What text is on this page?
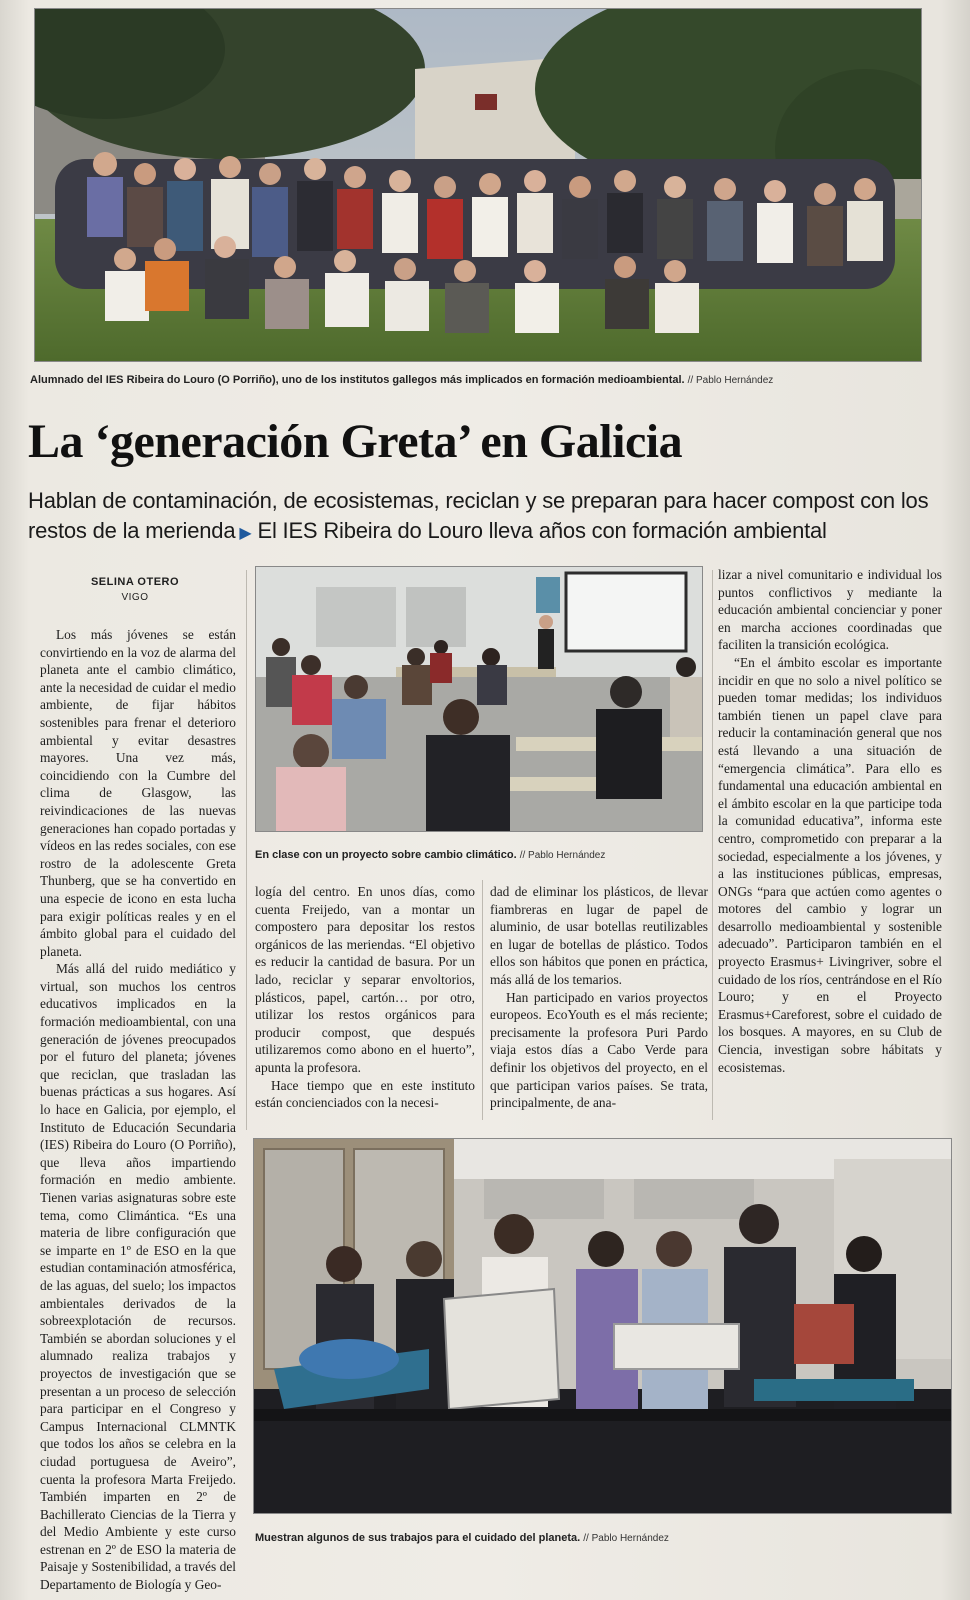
Alumnado del IES Ribeira do Louro (O Porriño), uno de los institutos gallegos más implicados en formación medioambiental. // Pablo Hernández
La ‘generación Greta’ en Galicia
Hablan de contaminación, de ecosistemas, reciclan y se preparan para hacer compost con los restos de la merienda ▶ El IES Ribeira do Louro lleva años con formación ambiental
SELINA OTERO
VIGO

Los más jóvenes se están convirtiendo en la voz de alarma del planeta ante el cambio climático, ante la necesidad de cuidar el medio ambiente, de fijar hábitos sostenibles para frenar el deterioro ambiental y evitar desastres mayores. Una vez más, coincidiendo con la Cumbre del clima de Glasgow, las reivindicaciones de las nuevas generaciones han copado portadas y vídeos en las redes sociales, con ese rostro de la adolescente Greta Thunberg, que se ha convertido en una especie de icono en esta lucha para exigir políticas reales y en el ámbito global para el cuidado del planeta.

Más allá del ruido mediático y virtual, son muchos los centros educativos implicados en la formación medioambiental, con una generación de jóvenes preocupados por el futuro del planeta; jóvenes que reciclan, que trasladan las buenas prácticas a sus hogares. Así lo hace en Galicia, por ejemplo, el Instituto de Educación Secundaria (IES) Ribeira do Louro (O Porriño), que lleva años impartiendo formación en medio ambiente. Tienen varias asignaturas sobre este tema, como Climántica. “Es una materia de libre configuración que se imparte en 1º de ESO en la que estudian contaminación atmosférica, de las aguas, del suelo; los impactos ambientales derivados de la sobreexplotación de recursos. También se abordan soluciones y el alumnado realiza trabajos y proyectos de investigación que se presentan a un proceso de selección para participar en el Congreso y Campus Internacional CLMNTK que todos los años se celebra en la ciudad portuguesa de Aveiro”, cuenta la profesora Marta Freijedo. También imparten en 2º de Bachillerato Ciencias de la Tierra y del Medio Ambiente y este curso estrenan en 2º de ESO la materia de Paisaje y Sostenibilidad, a través del Departamento de Biología y Geo-

En clase con un proyecto sobre cambio climático. // Pablo Hernández

logía del centro. En unos días, como cuenta Freijedo, van a montar un compostero para depositar los restos orgánicos de las meriendas. “El objetivo es reducir la cantidad de basura. Por un lado, reciclar y separar envoltorios, plásticos, papel, cartón… por otro, utilizar los restos orgánicos para producir compost, que después utilizaremos como abono en el huerto”, apunta la profesora.

Hace tiempo que en este instituto están concienciados con la necesi-

dad de eliminar los plásticos, de llevar fiambreras en lugar de papel de aluminio, de usar botellas reutilizables en lugar de botellas de plástico. Todos ellos son hábitos que ponen en práctica, más allá de los temarios.

Han participado en varios proyectos europeos. EcoYouth es el más reciente; precisamente la profesora Puri Pardo viaja estos días a Cabo Verde para definir los objetivos del proyecto, en el que participan varios países. Se trata, principalmente, de ana-

lizar a nivel comunitario e individual los puntos conflictivos y mediante la educación ambiental concienciar y poner en marcha acciones coordinadas que faciliten la transición ecológica.

“En el ámbito escolar es importante incidir en que no solo a nivel político se pueden tomar medidas; los individuos también tienen un papel clave para reducir la contaminación general que nos está llevando a una situación de “emergencia climática”. Para ello es fundamental una educación ambiental en el ámbito escolar en la que participe toda la comunidad educativa”, informa este centro, comprometido con preparar a la sociedad, especialmente a los jóvenes, y a las instituciones públicas, empresas, ONGs “para que actúen como agentes o motores del cambio y lograr un desarrollo medioambiental y sostenible adecuado”. Participaron también en el proyecto Erasmus+ Livingriver, sobre el cuidado de los ríos, centrándose en el Río Louro; y en el Proyecto Erasmus+Careforest, sobre el cuidado de los bosques. A mayores, en su Club de Ciencia, investigan sobre hábitats y ecosistemas.

Muestran algunos de sus trabajos para el cuidado del planeta. // Pablo Hernández
